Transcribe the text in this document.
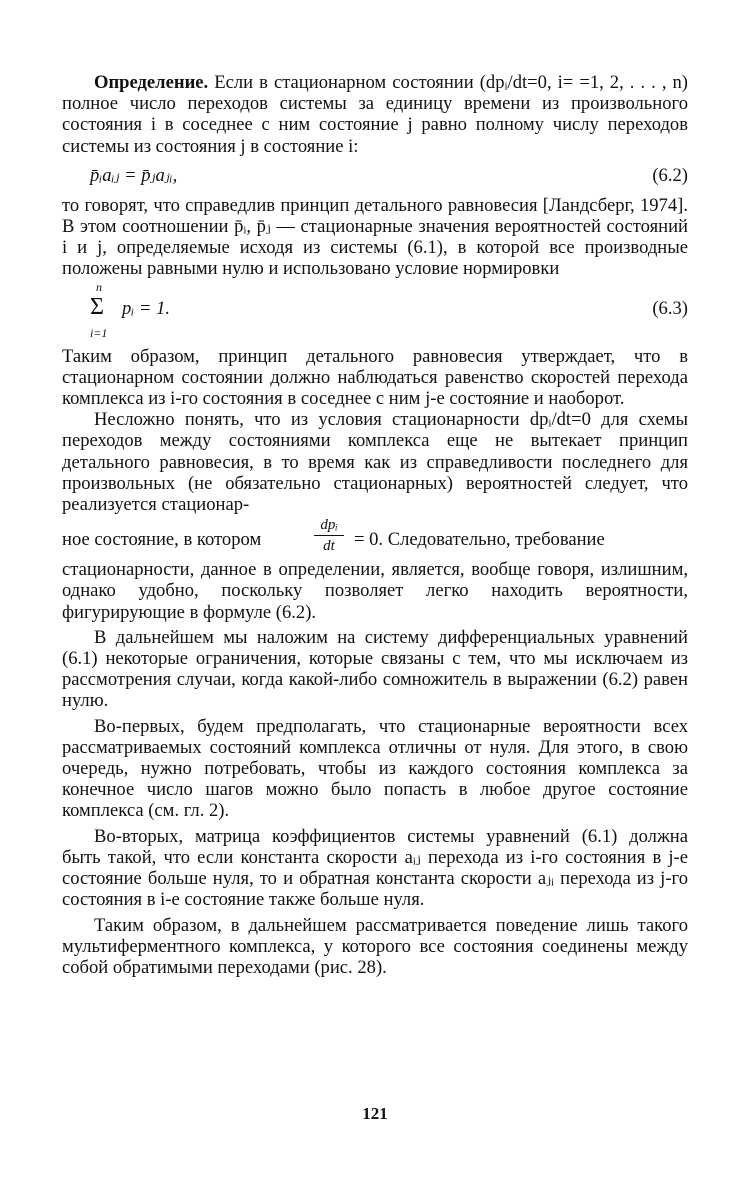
Определение. Если в стационарном состоянии (dpᵢ/dt=0, i= =1, 2, . . . , n) полное число переходов системы за единицу времени из произвольного состояния i в соседнее с ним состояние j равно полному числу переходов системы из состояния j в состояние i:

p̄ᵢaᵢⱼ = p̄ⱼaⱼᵢ,	(6.2)

то говорят, что справедлив принцип детального равновесия [Ландсберг, 1974]. В этом соотношении p̄ᵢ, p̄ⱼ — стационарные значения вероятностей состояний i и j, определяемые исходя из системы (6.1), в которой все производные положены равными нулю и использовано условие нормировки

n
Σ
i=1
pᵢ = 1.	(6.3)

Таким образом, принцип детального равновесия утверждает, что в стационарном состоянии должно наблюдаться равенство скоростей перехода комплекса из i-го состояния в соседнее с ним j-е состояние и наоборот.

Несложно понять, что из условия стационарности dpᵢ/dt=0 для схемы переходов между состояниями комплекса еще не вытекает принцип детального равновесия, в то время как из справедливости последнего для произвольных (не обязательно стационарных) вероятностей следует, что реализуется стационар-

ное состояние, в котором
dpᵢ
dt	= 0. Следовательно, требование

стационарности, данное в определении, является, вообще говоря, излишним, однако удобно, поскольку позволяет легко находить вероятности, фигурирующие в формуле (6.2).

В дальнейшем мы наложим на систему дифференциальных уравнений (6.1) некоторые ограничения, которые связаны с тем, что мы исключаем из рассмотрения случаи, когда какой-либо сомножитель в выражении (6.2) равен нулю.

Во-первых, будем предполагать, что стационарные вероятности всех рассматриваемых состояний комплекса отличны от нуля. Для этого, в свою очередь, нужно потребовать, чтобы из каждого состояния комплекса за конечное число шагов можно было попасть в любое другое состояние комплекса (см. гл. 2).

Во-вторых, матрица коэффициентов системы уравнений (6.1) должна быть такой, что если константа скорости aᵢⱼ перехода из i-го состояния в j-е состояние больше нуля, то и обратная константа скорости aⱼᵢ перехода из j-го состояния в i-е состояние также больше нуля.

Таким образом, в дальнейшем рассматривается поведение лишь такого мультиферментного комплекса, у которого все состояния соединены между собой обратимыми переходами (рис. 28).

121
